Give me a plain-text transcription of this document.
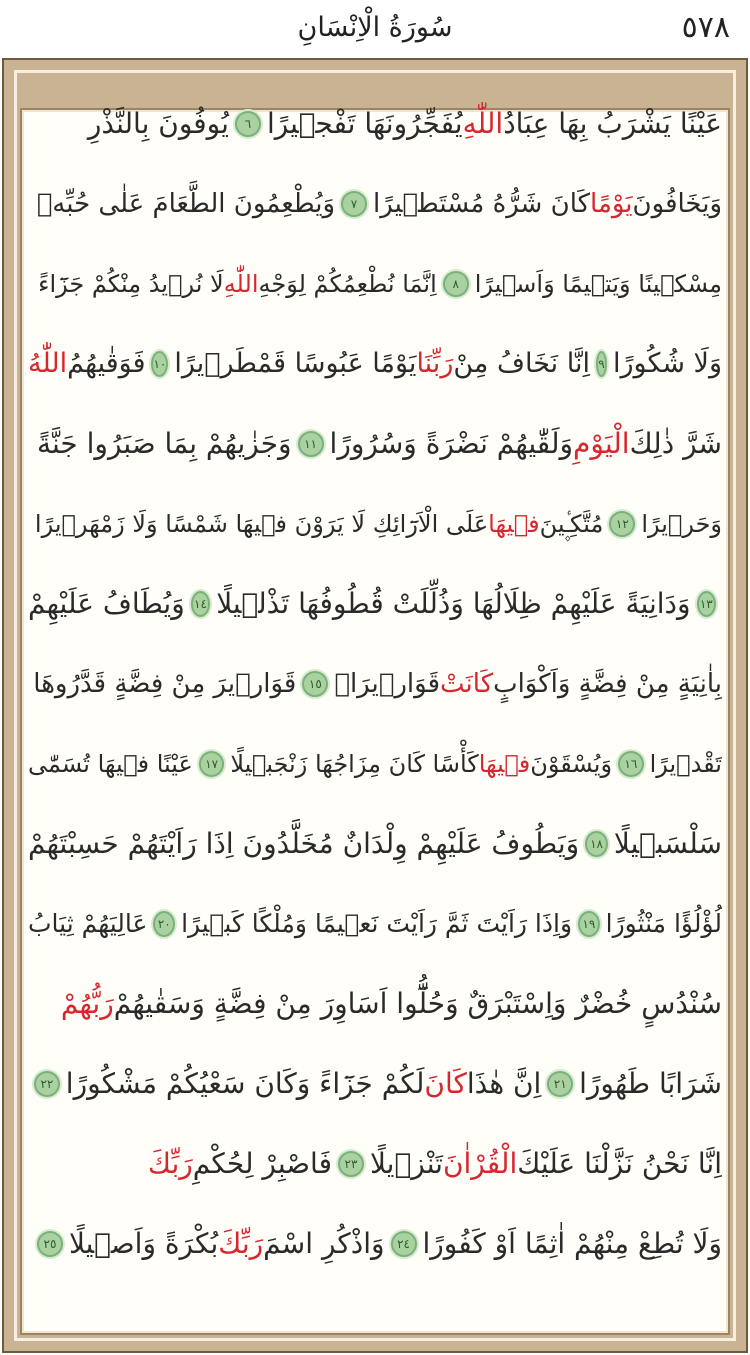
سُورَةُ الْاِنْسَانِ	٥٧٨
عَيْنًا يَشْرَبُ بِهَا عِبَادُ
اللّٰهِ
يُفَجِّرُونَهَا تَفْج۪يرًا
٦
يُوفُونَ بِالنَّذْرِ
وَيَخَافُونَ
يَوْمًا
كَانَ شَرُّهُ مُسْتَط۪يرًا
٧
وَيُطْعِمُونَ الطَّعَامَ عَلٰى حُبِّه۪
مِسْك۪ينًا وَيَت۪يمًا وَاَس۪يرًا
٨
اِنَّمَا نُطْعِمُكُمْ لِوَجْهِ
اللّٰهِ
لَا نُر۪يدُ مِنْكُمْ جَزَٓاءً
وَلَا شُكُورًا
٩
اِنَّا نَخَافُ مِنْ
رَبِّنَا
يَوْمًا عَبُوسًا قَمْطَر۪يرًا
١٠
فَوَقٰيهُمُ
اللّٰهُ
شَرَّ ذٰلِكَ
الْيَوْمِ
وَلَقّٰيهُمْ نَضْرَةً وَسُرُورًا
١١
وَجَزٰيهُمْ بِمَا صَبَرُوا جَنَّةً
وَحَر۪يرًا
١٢
مُتَّكِـ۪ٔينَ
ف۪يهَا
عَلَى الْاَرَٓائِكِ لَا يَرَوْنَ ف۪يهَا شَمْسًا وَلَا زَمْهَر۪يرًا
١٣
وَدَانِيَةً عَلَيْهِمْ ظِلَالُهَا وَذُلِّلَتْ قُطُوفُهَا تَذْل۪يلًا
١٤
وَيُطَافُ عَلَيْهِمْ
بِاٰنِيَةٍ مِنْ فِضَّةٍ وَاَكْوَابٍ
كَانَتْ
قَوَار۪يرَا۬
١٥
قَوَار۪يرَ مِنْ فِضَّةٍ قَدَّرُوهَا
تَقْد۪يرًا
١٦
وَيُسْقَوْنَ
ف۪يهَا
كَأْسًا كَانَ مِزَاجُهَا زَنْجَب۪يلًا
١٧
عَيْنًا ف۪يهَا تُسَمّٰى
سَلْسَب۪يلًا
١٨
وَيَطُوفُ عَلَيْهِمْ وِلْدَانٌ مُخَلَّدُونَ اِذَا رَاَيْتَهُمْ حَسِبْتَهُمْ
لُؤْلُؤًا مَنْثُورًا
١٩
وَاِذَا رَاَيْتَ ثَمَّ رَاَيْتَ نَع۪يمًا وَمُلْكًا كَب۪يرًا
٢٠
عَالِيَهُمْ ثِيَابُ
سُنْدُسٍ خُضْرٌ وَاِسْتَبْرَقٌ وَحُلُّٓوا اَسَاوِرَ مِنْ فِضَّةٍ وَسَقٰيهُمْ
رَبُّهُمْ
شَرَابًا طَهُورًا
٢١
اِنَّ هٰذَا
كَانَ
لَكُمْ جَزَٓاءً وَكَانَ سَعْيُكُمْ مَشْكُورًا
٢٢
اِنَّا نَحْنُ نَزَّلْنَا عَلَيْكَ
الْقُرْاٰنَ
تَنْز۪يلًا
٢٣
فَاصْبِرْ لِحُكْمِ
رَبِّكَ
وَلَا تُطِعْ مِنْهُمْ اٰثِمًا اَوْ كَفُورًا
٢٤
وَاذْكُرِ اسْمَ
رَبِّكَ
بُكْرَةً وَاَص۪يلًا
٢٥
